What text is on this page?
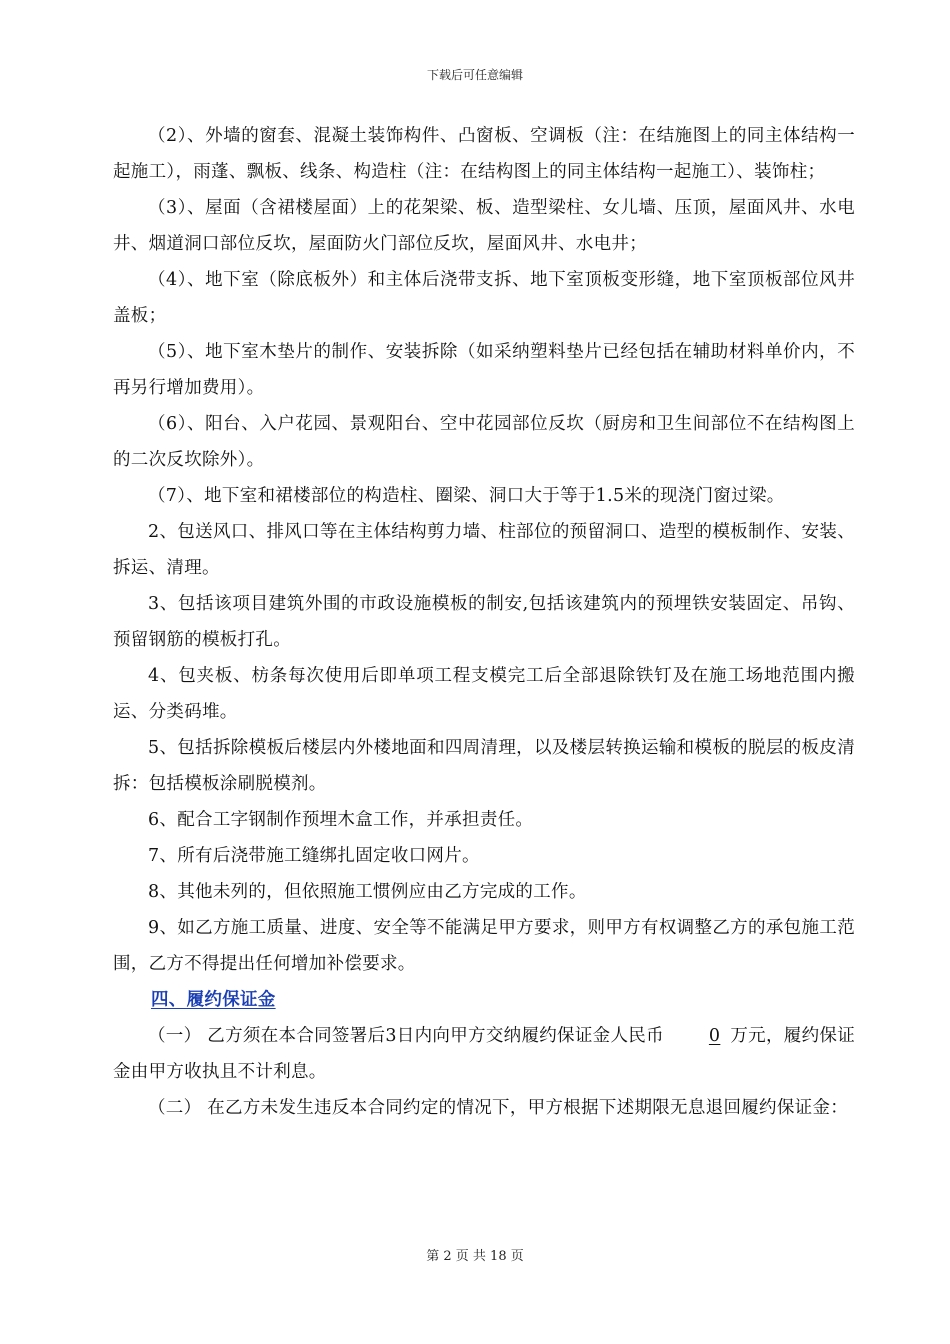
下载后可任意编辑

（2）、外墙的窗套、混凝土装饰构件、凸窗板、空调板（注：在结施图上的同主体结构一起施工），雨蓬、飘板、线条、构造柱（注：在结构图上的同主体结构一起施工）、装饰柱；

（3）、屋面（含裙楼屋面）上的花架梁、板、造型梁柱、女儿墙、压顶，屋面风井、水电井、烟道洞口部位反坎，屋面防火门部位反坎，屋面风井、水电井；

（4）、地下室（除底板外）和主体后浇带支拆、地下室顶板变形缝，地下室顶板部位风井盖板；

（5）、地下室木垫片的制作、安装拆除（如采纳塑料垫片已经包括在辅助材料单价内，不再另行增加费用）。

（6）、阳台、入户花园、景观阳台、空中花园部位反坎（厨房和卫生间部位不在结构图上的二次反坎除外）。

（7）、地下室和裙楼部位的构造柱、圈梁、洞口大于等于1.5米的现浇门窗过梁。

2、包送风口、排风口等在主体结构剪力墙、柱部位的预留洞口、造型的模板制作、安装、拆运、清理。

3、包括该项目建筑外围的市政设施模板的制安,包括该建筑内的预埋铁安装固定、吊钩、预留钢筋的模板打孔。

4、包夹板、枋条每次使用后即单项工程支模完工后全部退除铁钉及在施工场地范围内搬运、分类码堆。

5、包括拆除模板后楼层内外楼地面和四周清理，以及楼层转换运输和模板的脱层的板皮清拆：包括模板涂刷脱模剂。

6、配合工字钢制作预埋木盒工作，并承担责任。

7、所有后浇带施工缝绑扎固定收口网片。

8、其他未列的，但依照施工惯例应由乙方完成的工作。

9、如乙方施工质量、进度、安全等不能满足甲方要求，则甲方有权调整乙方的承包施工范围，乙方不得提出任何增加补偿要求。

四、履约保证金

（一） 乙方须在本合同签署后3日内向甲方交纳履约保证金人民币	0 万元，履约保证金由甲方收执且不计利息。

（二） 在乙方未发生违反本合同约定的情况下，甲方根据下述期限无息退回履约保证金：

第 2 页 共 18 页
